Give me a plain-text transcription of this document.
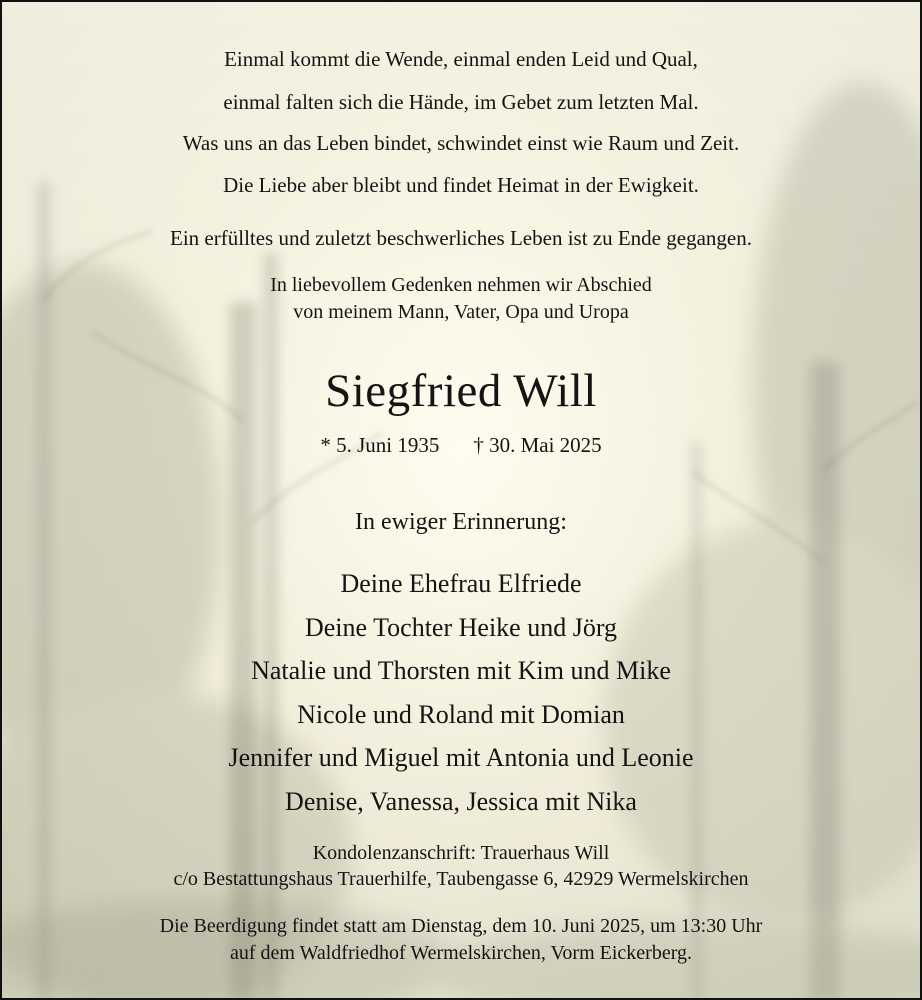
Einmal kommt die Wende, einmal enden Leid und Qual,

einmal falten sich die Hände, im Gebet zum letzten Mal.

Was uns an das Leben bindet, schwindet einst wie Raum und Zeit.

Die Liebe aber bleibt und findet Heimat in der Ewigkeit.

Ein erfülltes und zuletzt beschwerliches Leben ist zu Ende gegangen.

In liebevollem Gedenken nehmen wir Abschied

von meinem Mann, Vater, Opa und Uropa

Siegfried Will

* 5. Juni 1935 † 30. Mai 2025

In ewiger Erinnerung:

Deine Ehefrau Elfriede

Deine Tochter Heike und Jörg

Natalie und Thorsten mit Kim und Mike

Nicole und Roland mit Domian

Jennifer und Miguel mit Antonia und Leonie

Denise, Vanessa, Jessica mit Nika

Kondolenzanschrift: Trauerhaus Will

c/o Bestattungshaus Trauerhilfe, Taubengasse 6, 42929 Wermelskirchen

Die Beerdigung findet statt am Dienstag, dem 10. Juni 2025, um 13:30 Uhr

auf dem Waldfriedhof Wermelskirchen, Vorm Eickerberg.
